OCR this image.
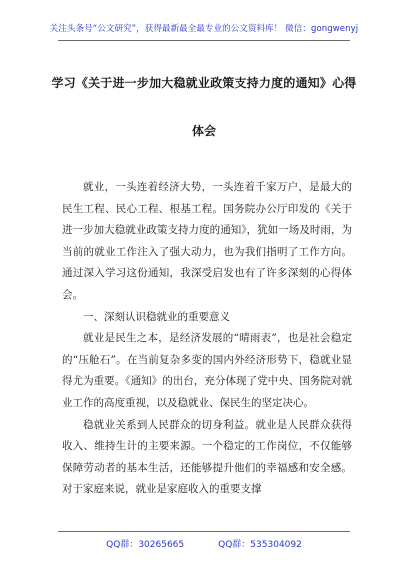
关注头条号“公文研究”，获得最新最全最专业的公文资料库！ 微信：gongwenyj
学习《关于进一步加大稳就业政策支持力度的通知》心得
体会

就业，一头连着经济大势，一头连着千家万户，是最大的民生工程、民心工程、根基工程。国务院办公厅印发的《关于进一步加大稳就业政策支持力度的通知》，犹如一场及时雨，为当前的就业工作注入了强大动力，也为我们指明了工作方向。通过深入学习这份通知，我深受启发也有了许多深刻的心得体会。

一、深刻认识稳就业的重要意义

就业是民生之本，是经济发展的“晴雨表”，也是社会稳定的“压舱石”。在当前复杂多变的国内外经济形势下，稳就业显得尤为重要。《通知》的出台，充分体现了党中央、国务院对就业工作的高度重视，以及稳就业、保民生的坚定决心。

稳就业关系到人民群众的切身利益。就业是人民群众获得收入、维持生计的主要来源。一个稳定的工作岗位，不仅能够保障劳动者的基本生活，还能够提升他们的幸福感和安全感。对于家庭来说，就业是家庭收入的重要支撑

QQ群：30265665	QQ群：535304092
